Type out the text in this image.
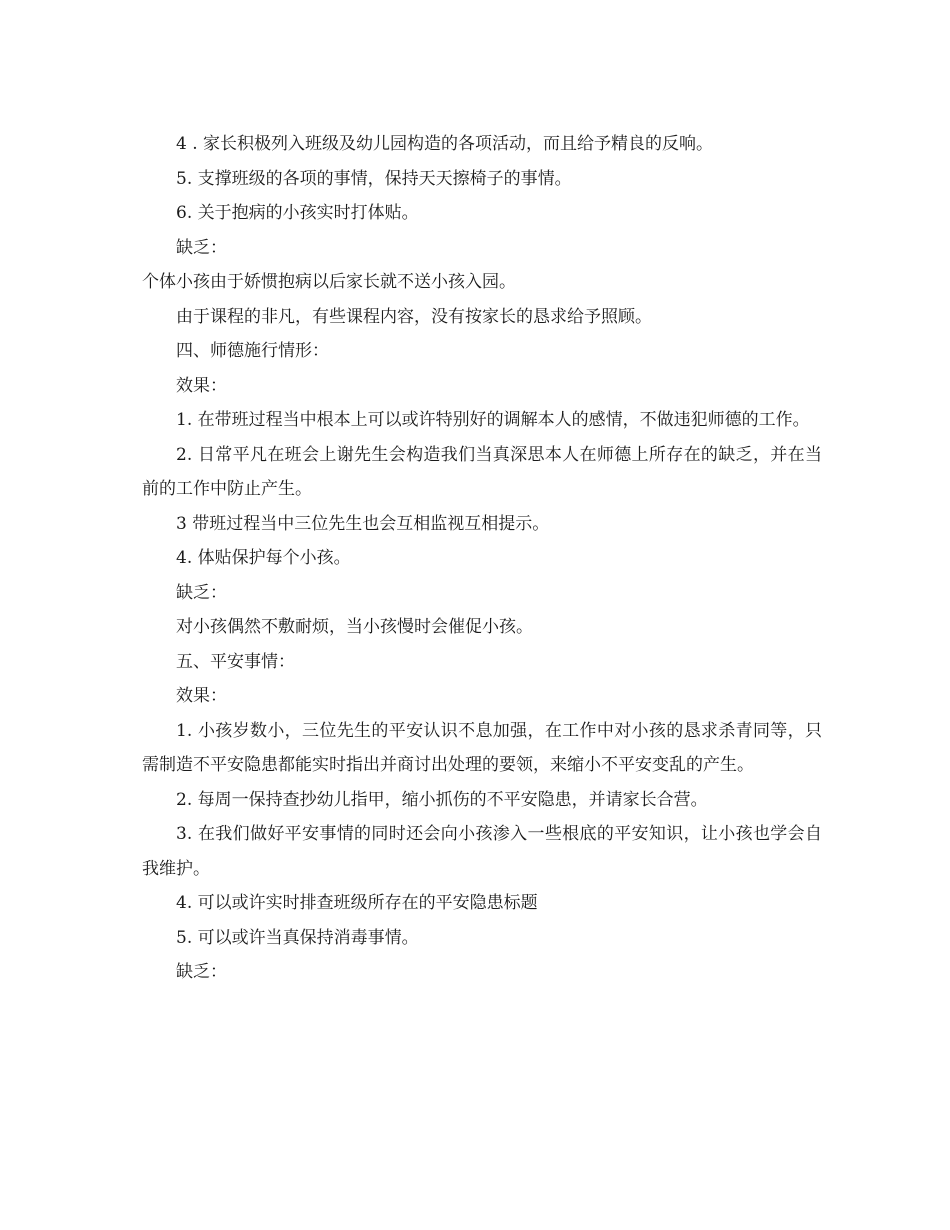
4 . 家长积极列入班级及幼儿园构造的各项活动，而且给予精良的反响。

5. 支撑班级的各项的事情，保持天天擦椅子的事情。

6. 关于抱病的小孩实时打体贴。

缺乏：

个体小孩由于娇惯抱病以后家长就不送小孩入园。

由于课程的非凡，有些课程内容，没有按家长的恳求给予照顾。

四、师德施行情形：

效果：

1. 在带班过程当中根本上可以或许特别好的调解本人的感情，不做违犯师德的工作。

2. 日常平凡在班会上谢先生会构造我们当真深思本人在师德上所存在的缺乏，并在当前的工作中防止产生。

3 带班过程当中三位先生也会互相监视互相提示。

4. 体贴保护每个小孩。

缺乏：

对小孩偶然不敷耐烦，当小孩慢时会催促小孩。

五、平安事情：

效果：

1. 小孩岁数小，三位先生的平安认识不息加强，在工作中对小孩的恳求杀青同等，只需制造不平安隐患都能实时指出并商讨出处理的要领，来缩小不平安变乱的产生。

2. 每周一保持查抄幼儿指甲，缩小抓伤的不平安隐患，并请家长合营。

3. 在我们做好平安事情的同时还会向小孩渗入一些根底的平安知识，让小孩也学会自我维护。

4. 可以或许实时排查班级所存在的平安隐患标题

5. 可以或许当真保持消毒事情。

缺乏：
